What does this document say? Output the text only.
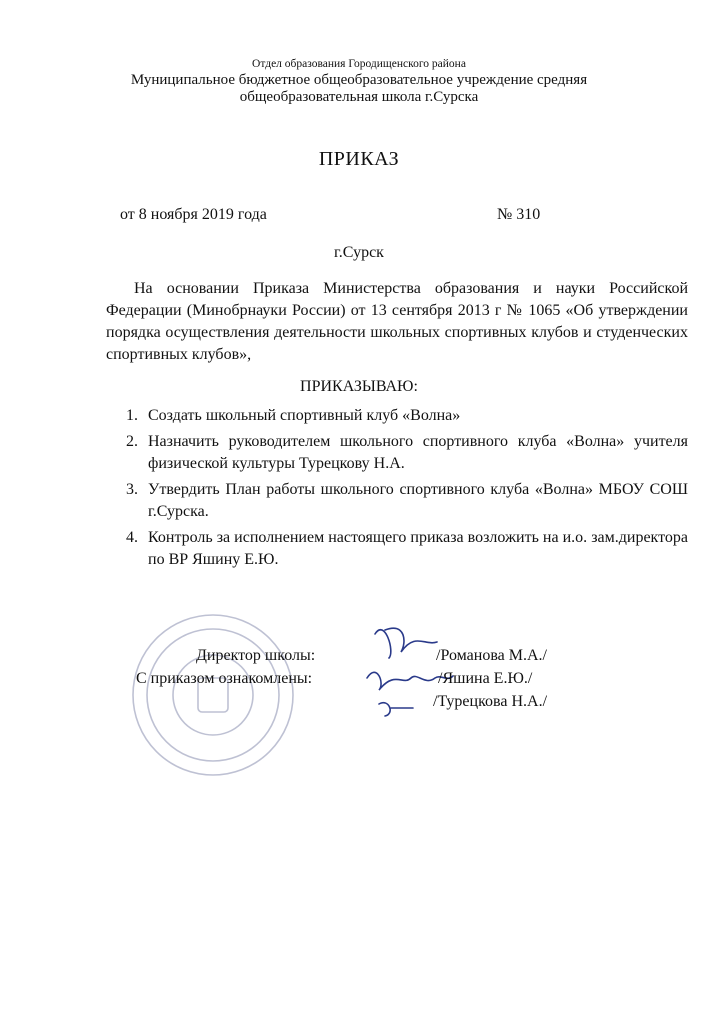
Отдел образования Городищенского района
Муниципальное бюджетное общеобразовательное учреждение средняя
общеобразовательная школа г.Сурска
ПРИКАЗ
от 8 ноября 2019 года	№ 310
г.Сурск
На основании Приказа Министерства образования и науки Российской Федерации (Минобрнауки России) от 13 сентября 2013 г № 1065 «Об утверждении порядка осуществления деятельности школьных спортивных клубов и студенческих спортивных клубов»,
ПРИКАЗЫВАЮ:
1. Создать школьный спортивный клуб «Волна»
2. Назначить руководителем школьного спортивного клуба «Волна» учителя физической культуры Турецкову Н.А.
3. Утвердить План работы школьного спортивного клуба «Волна» МБОУ СОШ г.Сурска.
4. Контроль за исполнением настоящего приказа возложить на и.о. зам.директора по ВР Яшину Е.Ю.
Директор школы:	/Романова М.А./
С приказом ознакомлены:	/Яшина Е.Ю./
/Турецкова Н.А./
